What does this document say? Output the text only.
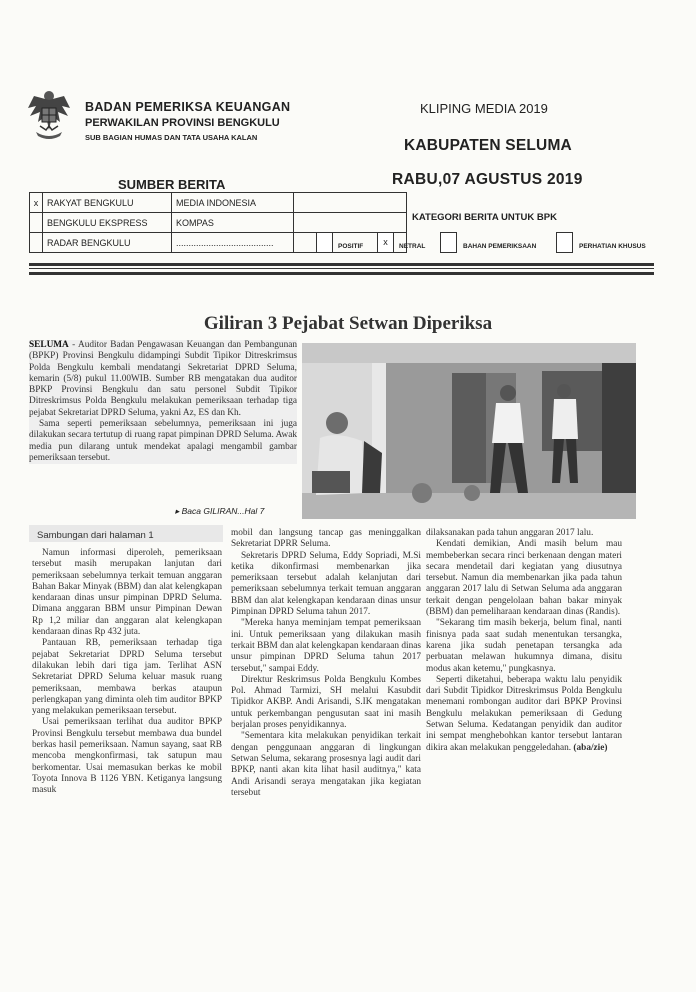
BADAN PEMERIKSA KEUANGAN
PERWAKILAN PROVINSI BENGKULU
SUB BAGIAN HUMAS DAN TATA USAHA KALAN
KLIPING MEDIA 2019
KABUPATEN SELUMA
RABU,07 AGUSTUS 2019
SUMBER BERITA
x	RAKYAT BENGKULU	MEDIA INDONESIA	
	BENGKULU EKSPRESS	KOMPAS	
	RADAR BENGKULU	.......................................	
KATEGORI BERITA UNTUK BPK
POSITIF	x	NETRAL	BAHAN PEMERIKSAAN	PERHATIAN KHUSUS
Giliran 3 Pejabat Setwan Diperiksa

SELUMA - Auditor Badan Pengawasan Keuangan dan Pembangunan (BPKP) Provinsi Bengkulu didampingi Subdit Tipikor Ditreskrimsus Polda Bengkulu kembali mendatangi Sekretariat DPRD Seluma, kemarin (5/8) pukul 11.00WIB. Sumber RB mengatakan dua auditor BPKP Provinsi Bengkulu dan satu personel Subdit Tipikor Ditreskrimsus Polda Bengkulu melakukan pemeriksaan terhadap tiga pejabat Sekretariat DPRD Seluma, yakni Az, ES dan Kh.

Sama seperti pemeriksaan sebelumnya, pemeriksaan ini juga dilakukan secara tertutup di ruang rapat pimpinan DPRD Seluma. Awak media pun dilarang untuk mendekat apalagi mengambil gambar pemeriksaan tersebut.

▸ Baca GILIRAN...Hal 7
Sambungan dari halaman 1

Namun informasi diperoleh, pemeriksaan tersebut masih merupakan lanjutan dari pemeriksaan sebelumnya terkait temuan anggaran Bahan Bakar Minyak (BBM) dan alat kelengkapan kendaraan dinas unsur pimpinan DPRD Seluma. Dimana anggaran BBM unsur Pimpinan Dewan Rp 1,2 miliar dan anggaran alat kelengkapan kendaraan dinas Rp 432 juta.

Pantauan RB, pemeriksaan terhadap tiga pejabat Sekretariat DPRD Seluma tersebut dilakukan lebih dari tiga jam. Terlihat ASN Sekretariat DPRD Seluma keluar masuk ruang pemeriksaan, membawa berkas ataupun perlengkapan yang diminta oleh tim auditor BPKP yang melakukan pemeriksaan tersebut.

Usai pemeriksaan terlihat dua auditor BPKP Provinsi Bengkulu tersebut membawa dua bundel berkas hasil pemeriksaan. Namun sayang, saat RB mencoba mengkonfirmasi, tak satupun mau berkomentar. Usai memasukan berkas ke mobil Toyota Innova B 1126 YBN. Ketiganya langsung masuk

mobil dan langsung tancap gas meninggalkan Sekretariat DPRR Seluma.

Sekretaris DPRD Seluma, Eddy Sopriadi, M.Si ketika dikonfirmasi membenarkan jika pemeriksaan tersebut adalah kelanjutan dari pemeriksaan sebelumnya terkait temuan anggaran BBM dan alat kelengkapan kendaraan dinas unsur Pimpinan DPRD Seluma tahun 2017.

"Mereka hanya meminjam tempat pemeriksaan ini. Untuk pemeriksaan yang dilakukan masih terkait BBM dan alat kelengkapan kendaraan dinas unsur pimpinan DPRD Seluma tahun 2017 tersebut," sampai Eddy.

Direktur Reskrimsus Polda Bengkulu Kombes Pol. Ahmad Tarmizi, SH melalui Kasubdit Tipidkor AKBP. Andi Arisandi, S.IK mengatakan untuk perkembangan pengusutan saat ini masih berjalan proses penyidikannya.

"Sementara kita melakukan penyidikan terkait dengan penggunaan anggaran di lingkungan Setwan Seluma, sekarang prosesnya lagi audit dari BPKP, nanti akan kita lihat hasil auditnya," kata Andi Arisandi seraya mengatakan jika kegiatan tersebut

dilaksanakan pada tahun anggaran 2017 lalu.

Kendati demikian, Andi masih belum mau membeberkan secara rinci berkenaan dengan materi secara mendetail dari kegiatan yang diusutnya tersebut. Namun dia membenarkan jika pada tahun anggaran 2017 lalu di Setwan Seluma ada anggaran terkait dengan pengelolaan bahan bakar minyak (BBM) dan pemeliharaan kendaraan dinas (Randis).

"Sekarang tim masih bekerja, belum final, nanti finisnya pada saat sudah menentukan tersangka, karena jika sudah penetapan tersangka ada perbuatan melawan hukumnya dimana, disitu modus akan ketemu," pungkasnya.

Seperti diketahui, beberapa waktu lalu penyidik dari Subdit Tipidkor Ditreskrimsus Polda Bengkulu menemani rombongan auditor dari BPKP Provinsi Bengkulu melakukan pemeriksaan di Gedung Setwan Seluma. Kedatangan penyidik dan auditor ini sempat menghebohkan kantor tersebut lantaran dikira akan melakukan penggeledahan. (aba/zie)
